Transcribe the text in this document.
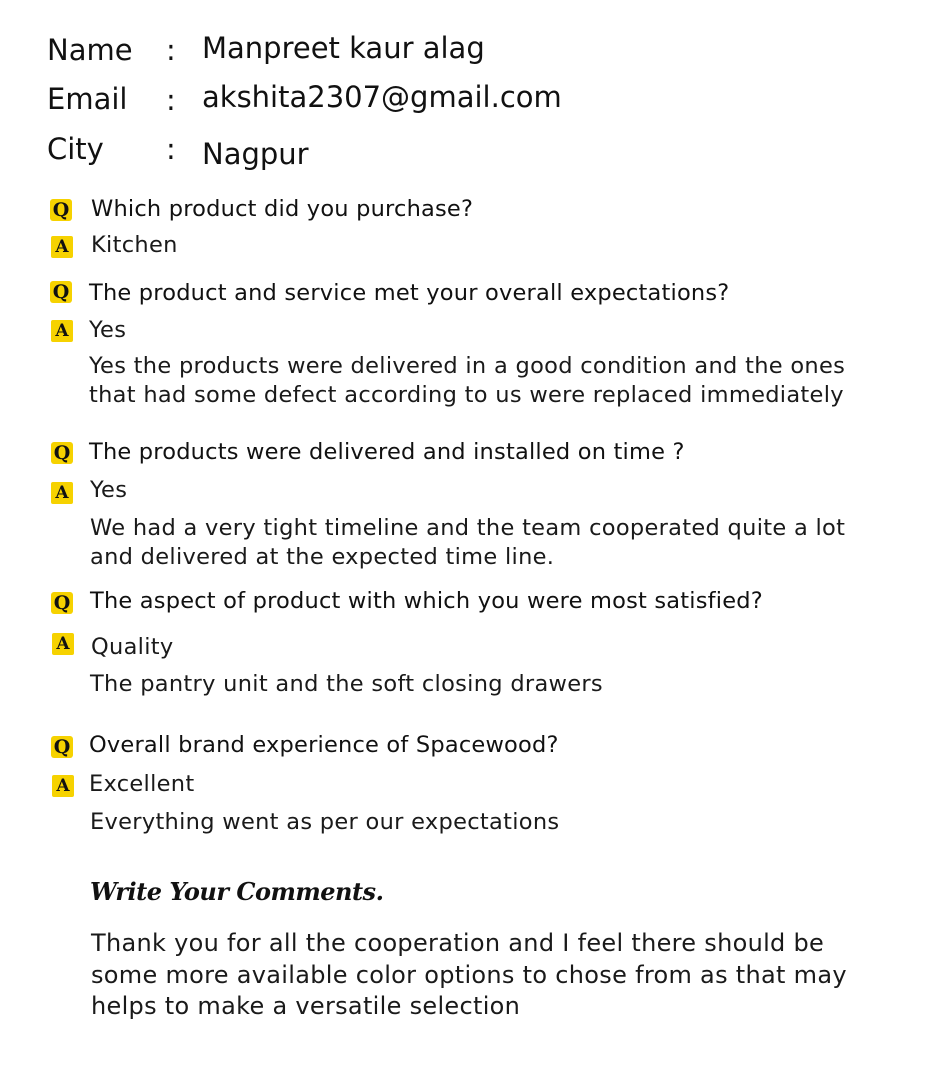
Name : Manpreet kaur alag
Email : akshita2307@gmail.com
City : Nagpur
Q Which product did you purchase?
A Kitchen
Q The product and service met your overall expectations?
A Yes
Yes the products were delivered in a good condition and the ones
that had some defect according to us were replaced immediately
Q The products were delivered and installed on time ?
A Yes
We had a very tight timeline and the team cooperated quite a lot
and delivered at the expected time line.
Q The aspect of product with which you were most satisfied?
A Quality
The pantry unit and the soft closing drawers
Q Overall brand experience of Spacewood?
A Excellent
Everything went as per our expectations
Write Your Comments.
Thank you for all the cooperation and I feel there should be
some more available color options to chose from as that may
helps to make a versatile selection
